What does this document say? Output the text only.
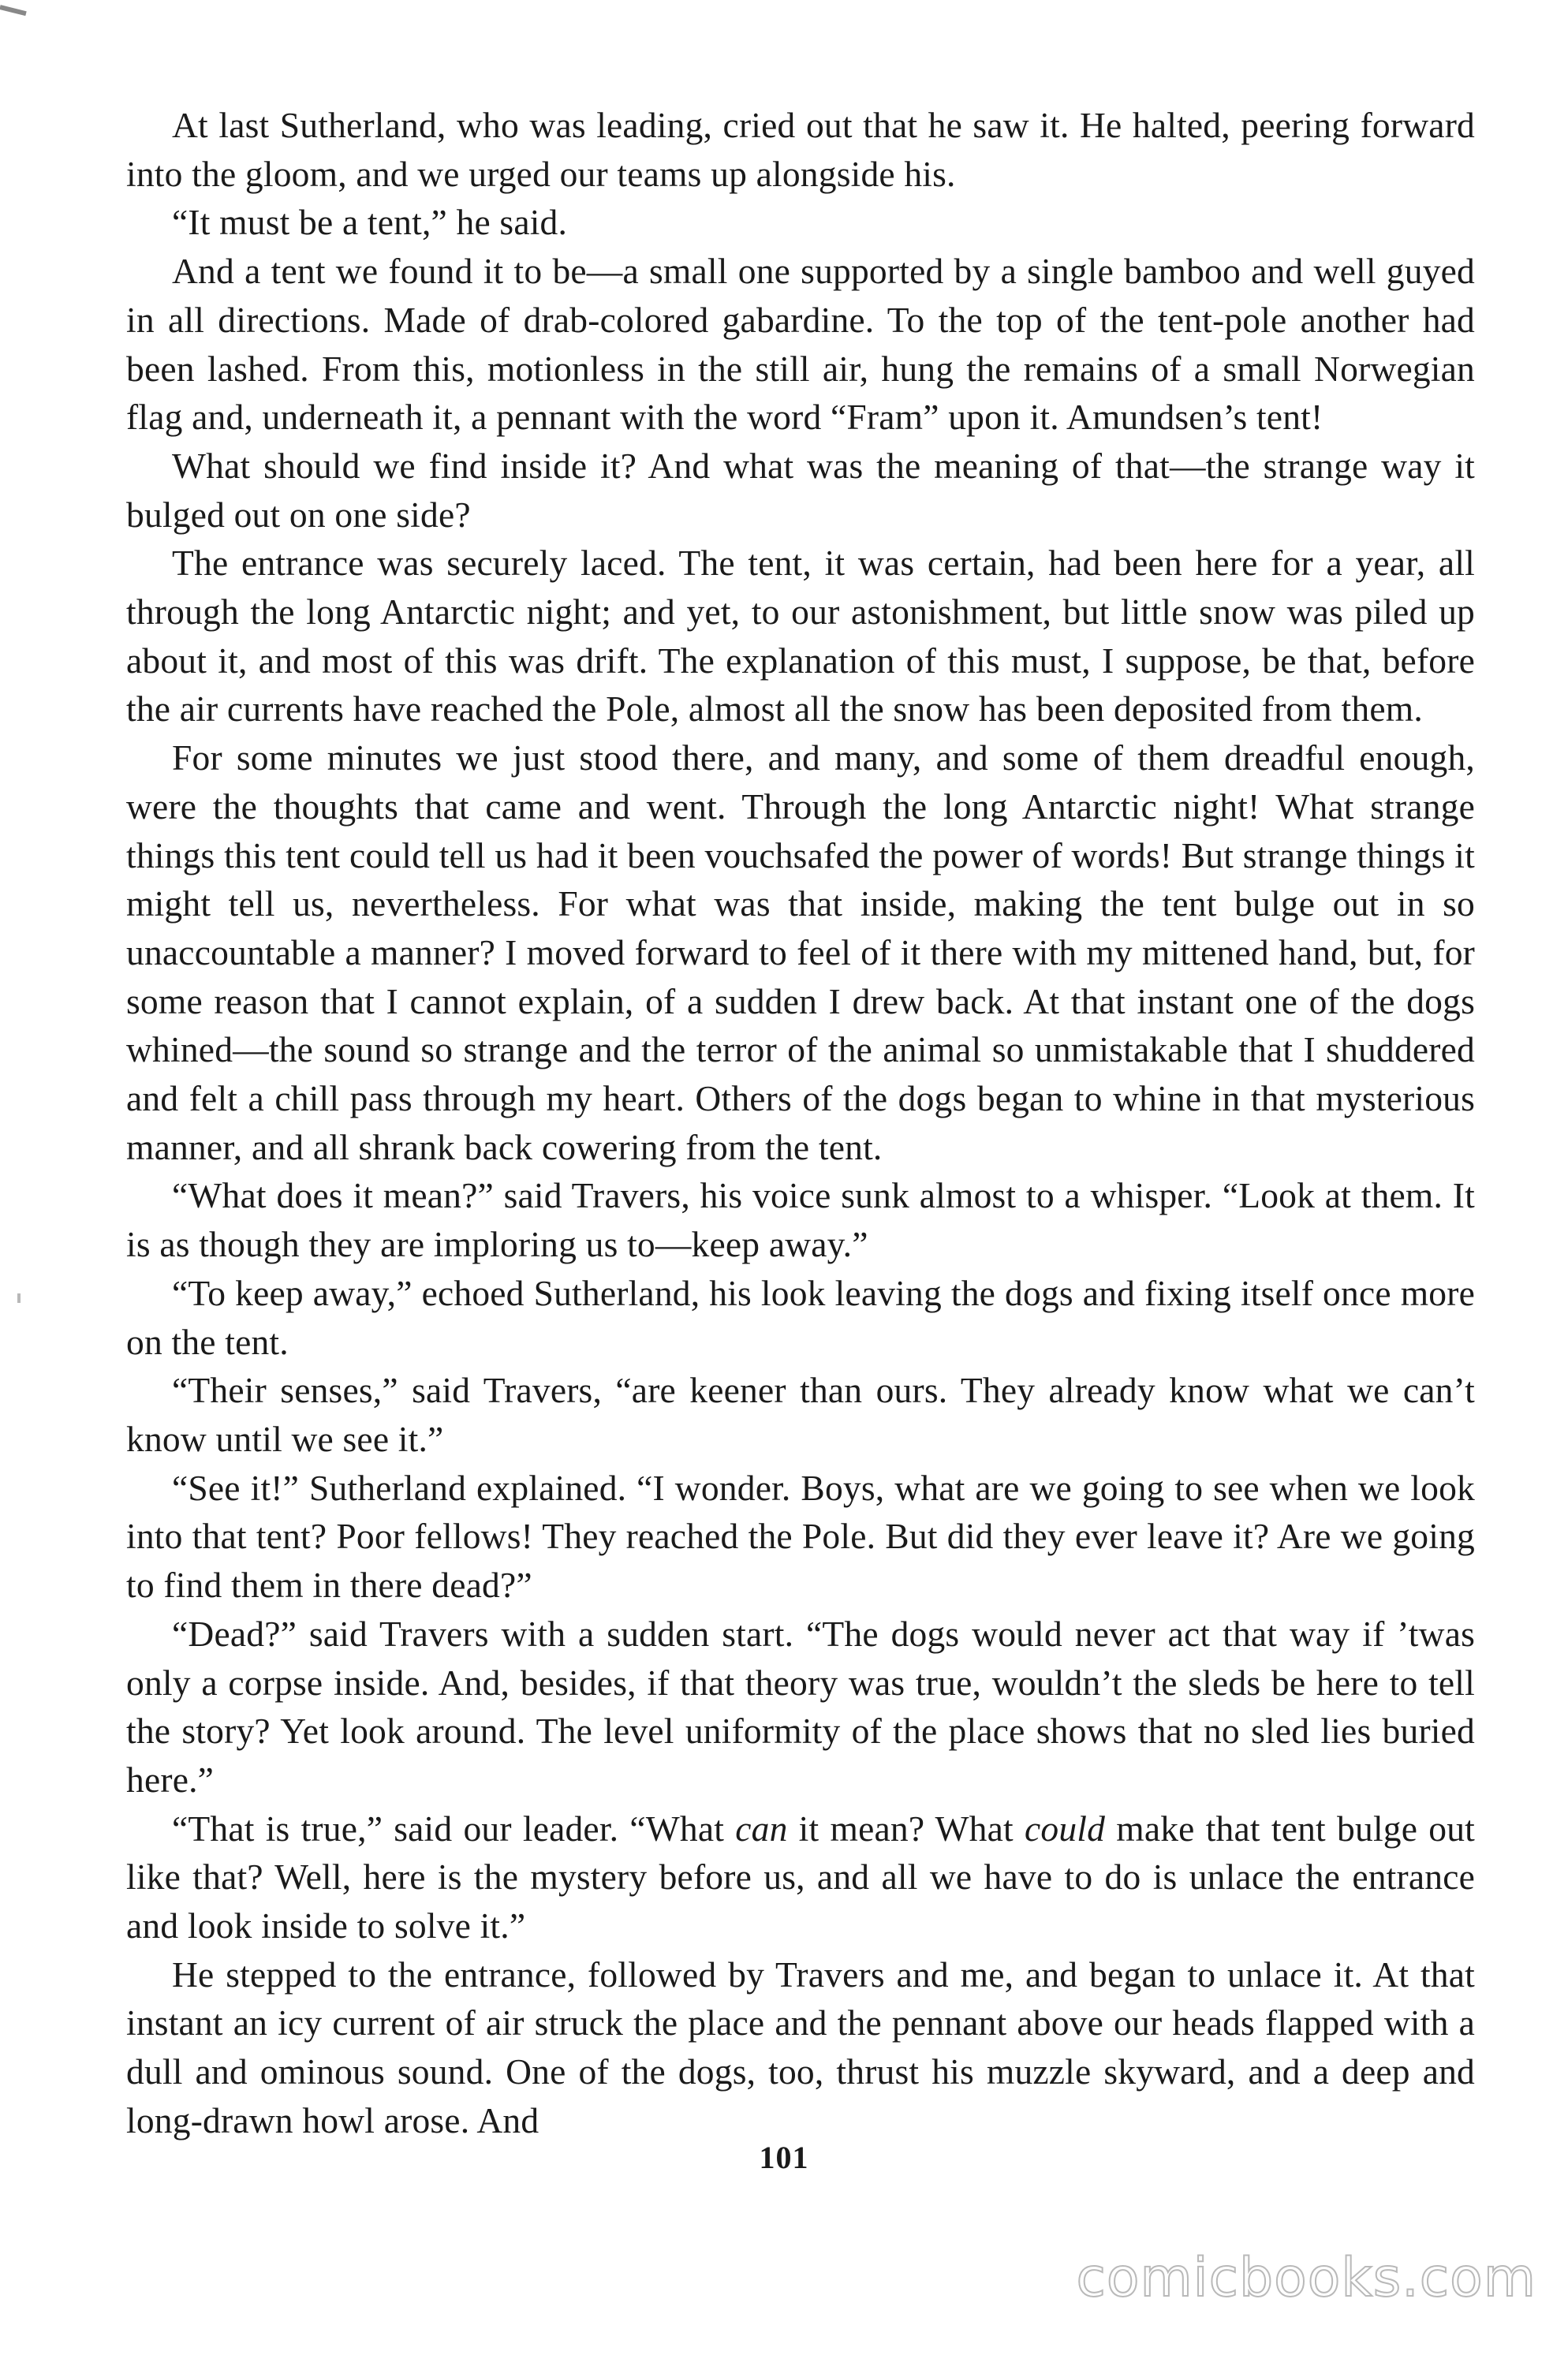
At last Sutherland, who was leading, cried out that he saw it. He halted, peering forward into the gloom, and we urged our teams up alongside his.

“It must be a tent,” he said.

And a tent we found it to be—a small one supported by a single bamboo and well guyed in all directions. Made of drab-colored gabardine. To the top of the tent-pole another had been lashed. From this, motionless in the still air, hung the remains of a small Norwegian flag and, underneath it, a pennant with the word “Fram” upon it. Amundsen’s tent!

What should we find inside it? And what was the meaning of that—the strange way it bulged out on one side?

The entrance was securely laced. The tent, it was certain, had been here for a year, all through the long Antarctic night; and yet, to our astonishment, but little snow was piled up about it, and most of this was drift. The explanation of this must, I suppose, be that, before the air currents have reached the Pole, almost all the snow has been deposited from them.

For some minutes we just stood there, and many, and some of them dreadful enough, were the thoughts that came and went. Through the long Antarctic night! What strange things this tent could tell us had it been vouchsafed the power of words! But strange things it might tell us, nevertheless. For what was that inside, making the tent bulge out in so unaccountable a manner? I moved forward to feel of it there with my mittened hand, but, for some reason that I cannot explain, of a sudden I drew back. At that instant one of the dogs whined—the sound so strange and the terror of the animal so unmistakable that I shuddered and felt a chill pass through my heart. Others of the dogs began to whine in that mysterious manner, and all shrank back cowering from the tent.

“What does it mean?” said Travers, his voice sunk almost to a whisper. “Look at them. It is as though they are imploring us to—keep away.”

“To keep away,” echoed Sutherland, his look leaving the dogs and fixing itself once more on the tent.

“Their senses,” said Travers, “are keener than ours. They already know what we can’t know until we see it.”

“See it!” Sutherland explained. “I wonder. Boys, what are we going to see when we look into that tent? Poor fellows! They reached the Pole. But did they ever leave it? Are we going to find them in there dead?”

“Dead?” said Travers with a sudden start. “The dogs would never act that way if ’twas only a corpse inside. And, besides, if that theory was true, wouldn’t the sleds be here to tell the story? Yet look around. The level uniformity of the place shows that no sled lies buried here.”

“That is true,” said our leader. “What can it mean? What could make that tent bulge out like that? Well, here is the mystery before us, and all we have to do is unlace the entrance and look inside to solve it.”

He stepped to the entrance, followed by Travers and me, and began to unlace it. At that instant an icy current of air struck the place and the pennant above our heads flapped with a dull and ominous sound. One of the dogs, too, thrust his muzzle skyward, and a deep and long-drawn howl arose. And

101
comicbooks.com
